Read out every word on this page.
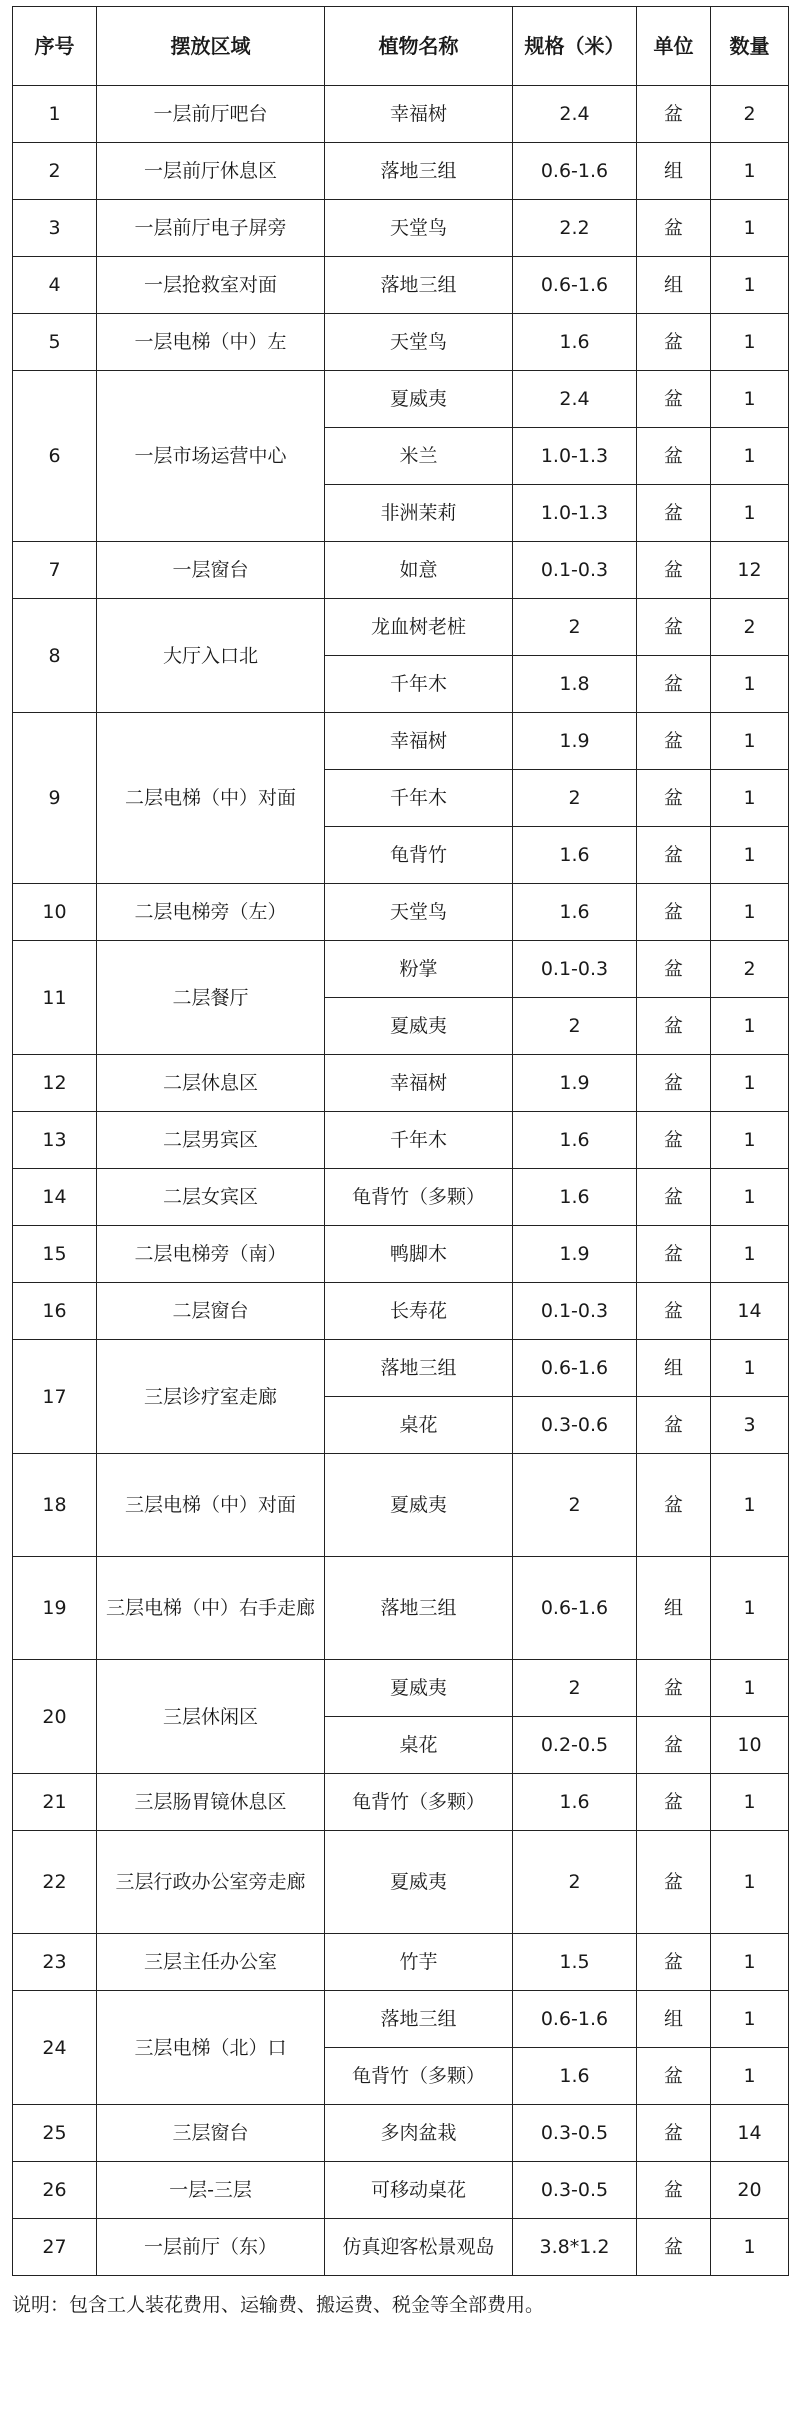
序号	摆放区域	植物名称	规格（米）	单位	数量
1	一层前厅吧台	幸福树	2.4	盆	2
2	一层前厅休息区	落地三组	0.6-1.6	组	1
3	一层前厅电子屏旁	天堂鸟	2.2	盆	1
4	一层抢救室对面	落地三组	0.6-1.6	组	1
5	一层电梯（中）左	天堂鸟	1.6	盆	1
6	一层市场运营中心	夏威夷	2.4	盆	1
		米兰	1.0-1.3	盆	1
		非洲茉莉	1.0-1.3	盆	1
7	一层窗台	如意	0.1-0.3	盆	12
8	大厅入口北	龙血树老桩	2	盆	2
		千年木	1.8	盆	1
9	二层电梯（中）对面	幸福树	1.9	盆	1
		千年木	2	盆	1
		龟背竹	1.6	盆	1
10	二层电梯旁（左）	天堂鸟	1.6	盆	1
11	二层餐厅	粉掌	0.1-0.3	盆	2
		夏威夷	2	盆	1
12	二层休息区	幸福树	1.9	盆	1
13	二层男宾区	千年木	1.6	盆	1
14	二层女宾区	龟背竹（多颗）	1.6	盆	1
15	二层电梯旁（南）	鸭脚木	1.9	盆	1
16	二层窗台	长寿花	0.1-0.3	盆	14
17	三层诊疗室走廊	落地三组	0.6-1.6	组	1
		桌花	0.3-0.6	盆	3
18	三层电梯（中）对面	夏威夷	2	盆	1
19	三层电梯（中）右手走廊	落地三组	0.6-1.6	组	1
20	三层休闲区	夏威夷	2	盆	1
		桌花	0.2-0.5	盆	10
21	三层肠胃镜休息区	龟背竹（多颗）	1.6	盆	1
22	三层行政办公室旁走廊	夏威夷	2	盆	1
23	三层主任办公室	竹芋	1.5	盆	1
24	三层电梯（北）口	落地三组	0.6-1.6	组	1
		龟背竹（多颗）	1.6	盆	1
25	三层窗台	多肉盆栽	0.3-0.5	盆	14
26	一层-三层	可移动桌花	0.3-0.5	盆	20
27	一层前厅（东）	仿真迎客松景观岛	3.8*1.2	盆	1
说明：包含工人装花费用、运输费、搬运费、税金等全部费用。
